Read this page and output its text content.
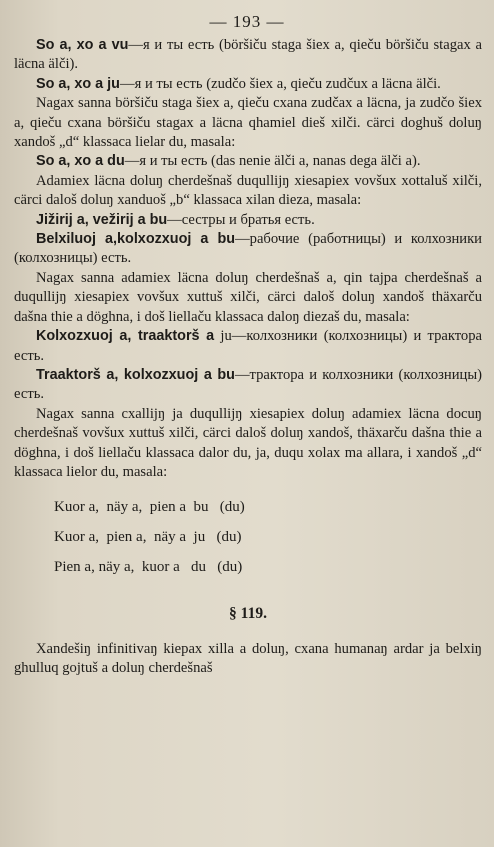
— 193 —

So a, xo a vu—я и ты есть (böršiču staga šiex a, qieču böršiču stagax a läcna älči).

So a, xo a ju—я и ты есть (zudčo šiex a, qieču zudčux a läcna älči.

Nagax sanna böršiču staga šiex a, qieču cxana zudčax a läcna, ja zudčo šiex a, qieču cxana böršiču stagax a läcna qhamiel dieš xilči. cärci doghuš doluŋ xandoš „d“ klassaca lielar du, masala:

So a, xo a du—я и ты есть (das nenie älči a, nanas dega älči a).

Adamiex läcna doluŋ cherdešnaš duqullijŋ xiesapiex vovšux xottaluš xilči, cärci daloš doluŋ xanduoš „b“ klassaca xilan dieza, masala:

Jižirij a, vežirij a bu—сестры и братья есть.

Belxiluoj a,kolxozxuoj a bu—рабочие (работницы) и колхозники (колхозницы) есть.

Nagax sanna adamiex läcna doluŋ cherdešnaš a, qin tajpa cherdešnaš a duqullijŋ xiesapiex vovšux xuttuš xilči, cärci daloš doluŋ xandoš thäxarču dašna thie a döghna, i doš liellaču klassaca daloŋ diezaš du, masala:

Kolxozxuoj a, traaktorš a ju—колхозники (колхозницы) и трактора есть.

Traaktorš a, kolxozxuoj a bu—трактора и колхозники (колхозницы) есть.

Nagax sanna cxallijŋ ja duqullijŋ xiesapiex doluŋ adamiex läcna docuŋ cherdešnaš vovšux xuttuš xilči, cärci daloš doluŋ xandoš, thäxarču dašna thie a döghna, i doš liellaču klassaca dalor du, ja, duqu xolax ma allara, i xandoš „d“ klassaca lielor du, masala:

Kuor a,  näy a,  pien a  bu   (du)
Kuor a,  pien a,  näy a  ju   (du)
Pien a, näy a,  kuor a   du   (du)

§ 119.

Xandešiŋ infinitivaŋ kiepax xilla a doluŋ, cxana humanaŋ ardar ja belxiŋ ghulluq gojtuš a doluŋ cherdešnaš
